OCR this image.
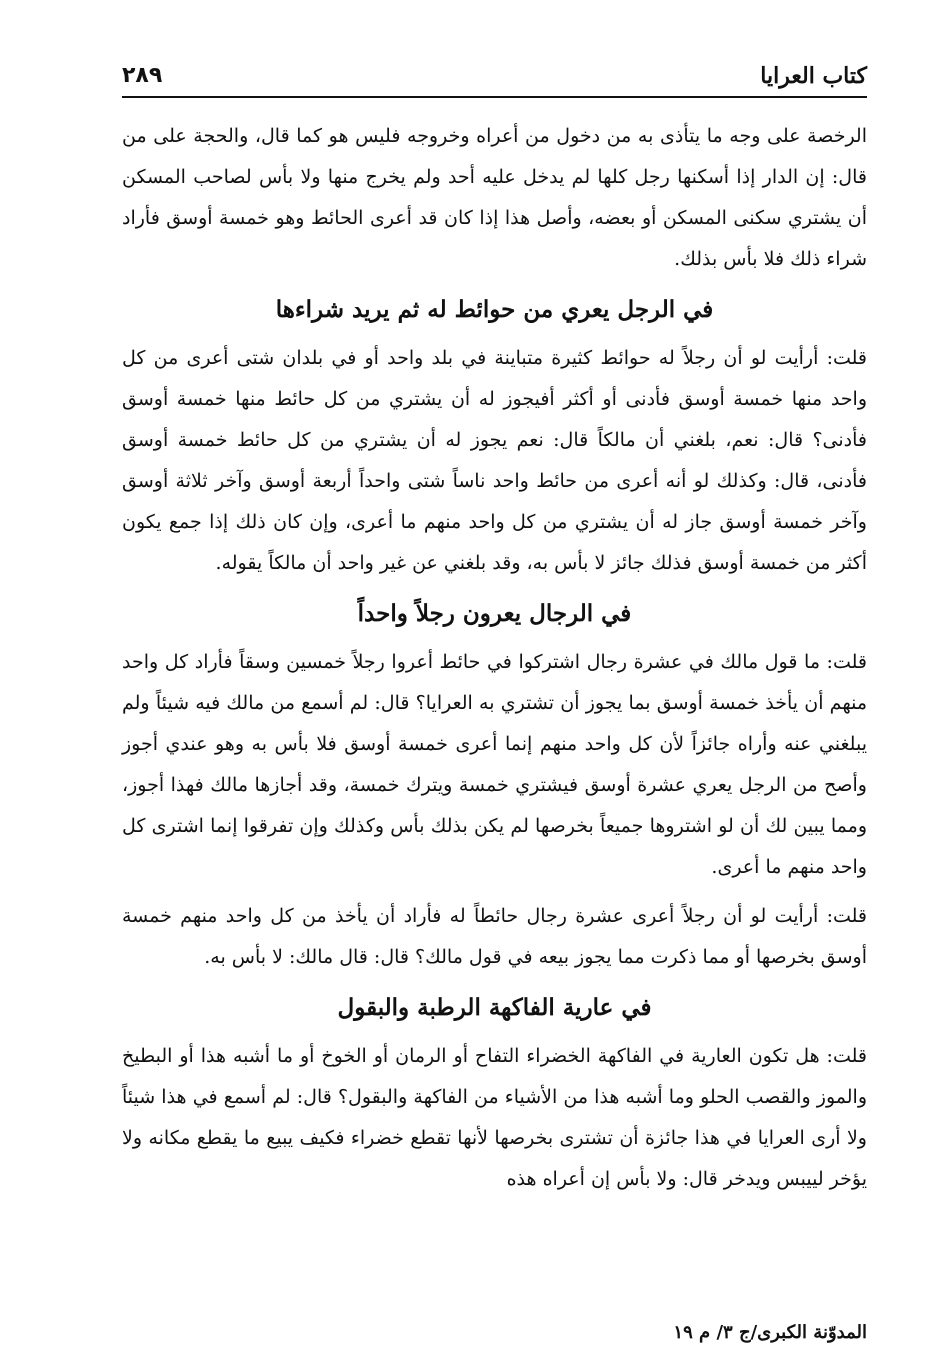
كتاب العرايا
٢٨٩

الرخصة على وجه ما يتأذى به من دخول من أعراه وخروجه فليس هو كما قال، والحجة على من قال: إن الدار إذا أسكنها رجل كلها لم يدخل عليه أحد ولم يخرج منها ولا بأس لصاحب المسكن أن يشتري سكنى المسكن أو بعضه، وأصل هذا إذا كان قد أعرى الحائط وهو خمسة أوسق فأراد شراء ذلك فلا بأس بذلك.

في الرجل يعري من حوائط له ثم يريد شراءها

قلت: أرأيت لو أن رجلاً له حوائط كثيرة متباينة في بلد واحد أو في بلدان شتى أعرى من كل واحد منها خمسة أوسق فأدنى أو أكثر أفيجوز له أن يشتري من كل حائط منها خمسة أوسق فأدنى؟ قال: نعم، بلغني أن مالكاً قال: نعم يجوز له أن يشتري من كل حائط خمسة أوسق فأدنى، قال: وكذلك لو أنه أعرى من حائط واحد ناساً شتى واحداً أربعة أوسق وآخر ثلاثة أوسق وآخر خمسة أوسق جاز له أن يشتري من كل واحد منهم ما أعرى، وإن كان ذلك إذا جمع يكون أكثر من خمسة أوسق فذلك جائز لا بأس به، وقد بلغني عن غير واحد أن مالكاً يقوله.

في الرجال يعرون رجلاً واحداً

قلت: ما قول مالك في عشرة رجال اشتركوا في حائط أعروا رجلاً خمسين وسقاً فأراد كل واحد منهم أن يأخذ خمسة أوسق بما يجوز أن تشتري به العرايا؟ قال: لم أسمع من مالك فيه شيئاً ولم يبلغني عنه وأراه جائزاً لأن كل واحد منهم إنما أعرى خمسة أوسق فلا بأس به وهو عندي أجوز وأصح من الرجل يعري عشرة أوسق فيشتري خمسة ويترك خمسة، وقد أجازها مالك فهذا أجوز، ومما يبين لك أن لو اشتروها جميعاً بخرصها لم يكن بذلك بأس وكذلك وإن تفرقوا إنما اشترى كل واحد منهم ما أعرى.

قلت: أرأيت لو أن رجلاً أعرى عشرة رجال حائطاً له فأراد أن يأخذ من كل واحد منهم خمسة أوسق بخرصها أو مما ذكرت مما يجوز بيعه في قول مالك؟ قال: قال مالك: لا بأس به.

في عارية الفاكهة الرطبة والبقول

قلت: هل تكون العارية في الفاكهة الخضراء التفاح أو الرمان أو الخوخ أو ما أشبه هذا أو البطيخ والموز والقصب الحلو وما أشبه هذا من الأشياء من الفاكهة والبقول؟ قال: لم أسمع في هذا شيئاً ولا أرى العرايا في هذا جائزة أن تشترى بخرصها لأنها تقطع خضراء فكيف يبيع ما يقطع مكانه ولا يؤخر لييبس ويدخر قال: ولا بأس إن أعراه هذه

المدوّنة الكبرى/ج ٣/ م ١٩
